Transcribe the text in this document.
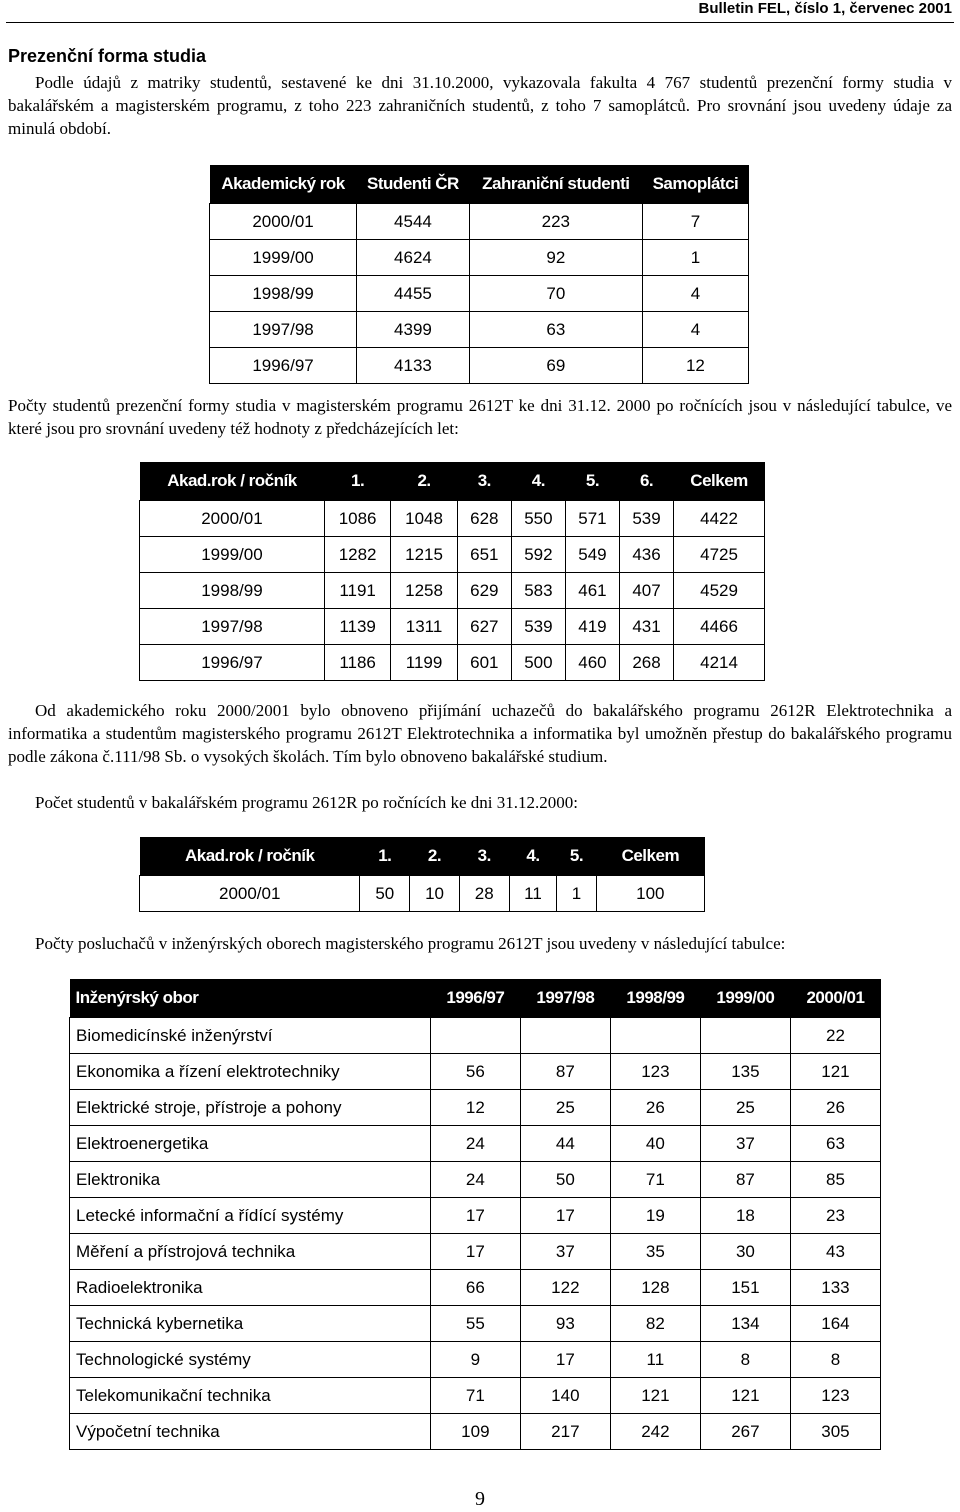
Bulletin FEL, číslo 1, červenec 2001
Prezenční forma studia

Podle údajů z matriky studentů, sestavené ke dni 31.10.2000, vykazovala fakulta 4 767 studentů prezenční formy studia v bakalářském a magisterském programu, z toho 223 zahraničních studentů, z toho 7 samoplátců. Pro srovnání jsou uvedeny údaje za minulá období.

Akademický rok	Studenti ČR	Zahraniční studenti	Samoplátci
2000/01	4544	223	7
1999/00	4624	92	1
1998/99	4455	70	4
1997/98	4399	63	4
1996/97	4133	69	12

Počty studentů prezenční formy studia v magisterském programu 2612T ke dni 31.12. 2000 po ročnících jsou v následující tabulce, ve které jsou pro srovnání uvedeny též hodnoty z předcházejících let:

Akad.rok / ročník	1.	2.	3.	4.	5.	6.	Celkem
2000/01	1086	1048	628	550	571	539	4422
1999/00	1282	1215	651	592	549	436	4725
1998/99	1191	1258	629	583	461	407	4529
1997/98	1139	1311	627	539	419	431	4466
1996/97	1186	1199	601	500	460	268	4214

Od akademického roku 2000/2001 bylo obnoveno přijímání uchazečů do bakalářského programu 2612R Elektrotechnika a informatika a studentům magisterského programu 2612T Elektrotechnika a informatika byl umožněn přestup do bakalářského programu podle zákona č.111/98 Sb. o vysokých školách. Tím bylo obnoveno bakalářské studium.

Počet studentů v bakalářském programu 2612R po ročnících ke dni 31.12.2000:

Akad.rok / ročník	1.	2.	3.	4.	5.	Celkem
2000/01	50	10	28	11	1	100

Počty posluchačů v inženýrských oborech magisterského programu 2612T jsou uvedeny v následující tabulce:

Inženýrský obor	1996/97	1997/98	1998/99	1999/00	2000/01
Biomedicínské inženýrství					22
Ekonomika a řízení elektrotechniky	56	87	123	135	121
Elektrické stroje, přístroje a pohony	12	25	26	25	26
Elektroenergetika	24	44	40	37	63
Elektronika	24	50	71	87	85
Letecké informační a řídící systémy	17	17	19	18	23
Měření a přístrojová technika	17	37	35	30	43
Radioelektronika	66	122	128	151	133
Technická kybernetika	55	93	82	134	164
Technologické systémy	9	17	11	8	8
Telekomunikační technika	71	140	121	121	123
Výpočetní technika	109	217	242	267	305
9
